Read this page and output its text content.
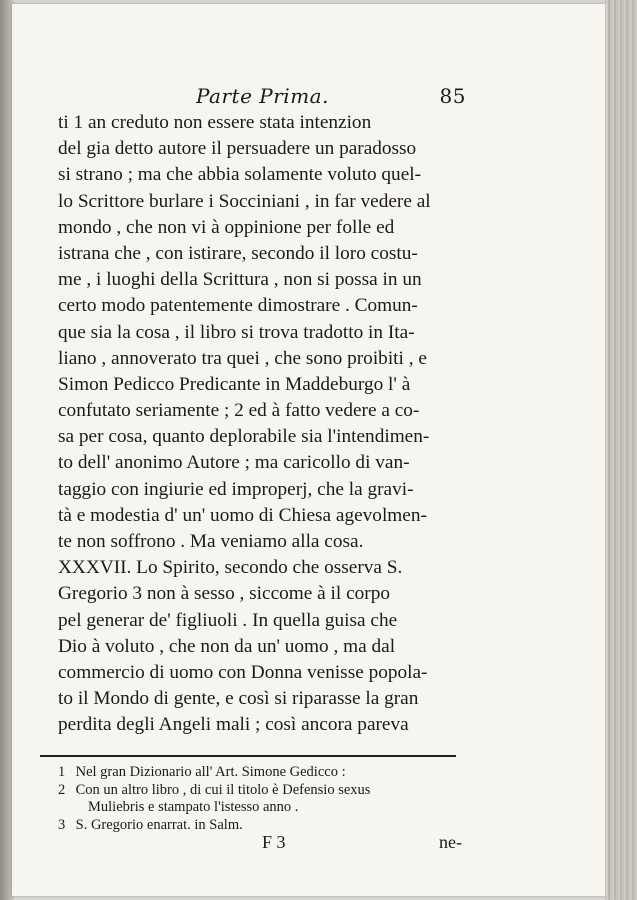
Parte Prima.	85
ti 1 an creduto non essere stata intenzion
del gia detto autore il persuadere un paradosso
si strano ; ma che abbia solamente voluto quel-
lo Scrittore burlare i Socciniani , in far vedere al
mondo , che non vi à oppinione per folle ed
istrana che , con istirare, secondo il loro costu-
me , i luoghi della Scrittura , non si possa in un
certo modo patentemente dimostrare . Comun-
que sia la cosa , il libro si trova tradotto in Ita-
liano , annoverato tra quei , che sono proibiti , e
Simon Pedicco Predicante in Maddeburgo l' à
confutato seriamente ; 2 ed à fatto vedere a co-
sa per cosa, quanto deplorabile sia l'intendimen-
to dell' anonimo Autore ; ma caricollo di van-
taggio con ingiurie ed improperj, che la gravi-
tà e modestia d' un' uomo di Chiesa agevolmen-
te non soffrono . Ma veniamo alla cosa.
XXXVII. Lo Spirito, secondo che osserva S.
Gregorio 3 non à sesso , siccome à il corpo
pel generar de' figliuoli . In quella guisa che
Dio à voluto , che non da un' uomo , ma dal
commercio di uomo con Donna venisse popola-
to il Mondo di gente, e così si riparasse la gran
perdita degli Angeli mali ; così ancora pareva
1 Nel gran Dizionario all' Art. Simone Gedicco :
2 Con un altro libro , di cui il titolo è Defensio sexus
Muliebris e stampato l'istesso anno .
3 S. Gregorio enarrat. in Salm.
F 3	ne-
